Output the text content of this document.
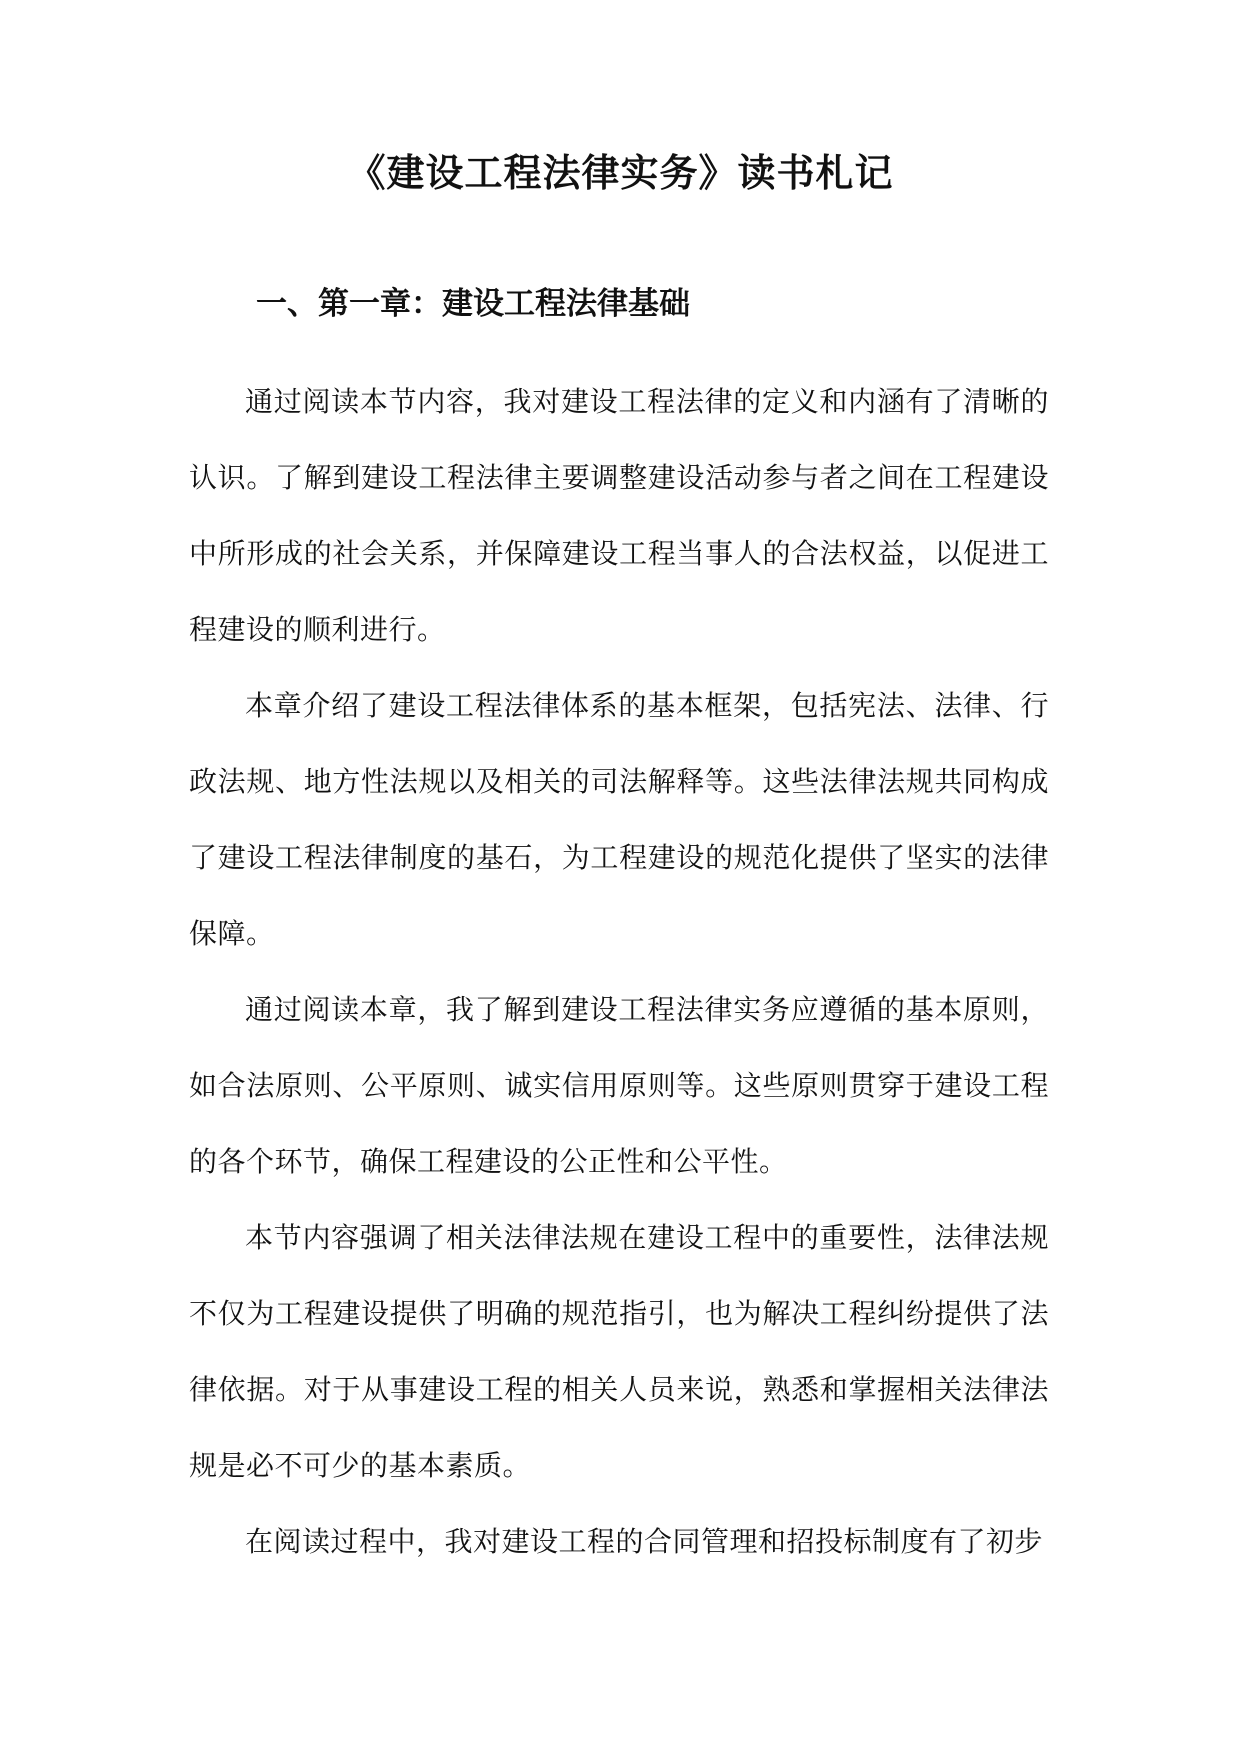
《建设工程法律实务》读书札记
一、第一章：建设工程法律基础

通过阅读本节内容，我对建设工程法律的定义和内涵有了清晰的认识。了解到建设工程法律主要调整建设活动参与者之间在工程建设中所形成的社会关系，并保障建设工程当事人的合法权益，以促进工程建设的顺利进行。

本章介绍了建设工程法律体系的基本框架，包括宪法、法律、行政法规、地方性法规以及相关的司法解释等。这些法律法规共同构成了建设工程法律制度的基石，为工程建设的规范化提供了坚实的法律保障。

通过阅读本章，我了解到建设工程法律实务应遵循的基本原则，如合法原则、公平原则、诚实信用原则等。这些原则贯穿于建设工程的各个环节，确保工程建设的公正性和公平性。

本节内容强调了相关法律法规在建设工程中的重要性，法律法规不仅为工程建设提供了明确的规范指引，也为解决工程纠纷提供了法律依据。对于从事建设工程的相关人员来说，熟悉和掌握相关法律法规是必不可少的基本素质。

在阅读过程中，我对建设工程的合同管理和招投标制度有了初步
